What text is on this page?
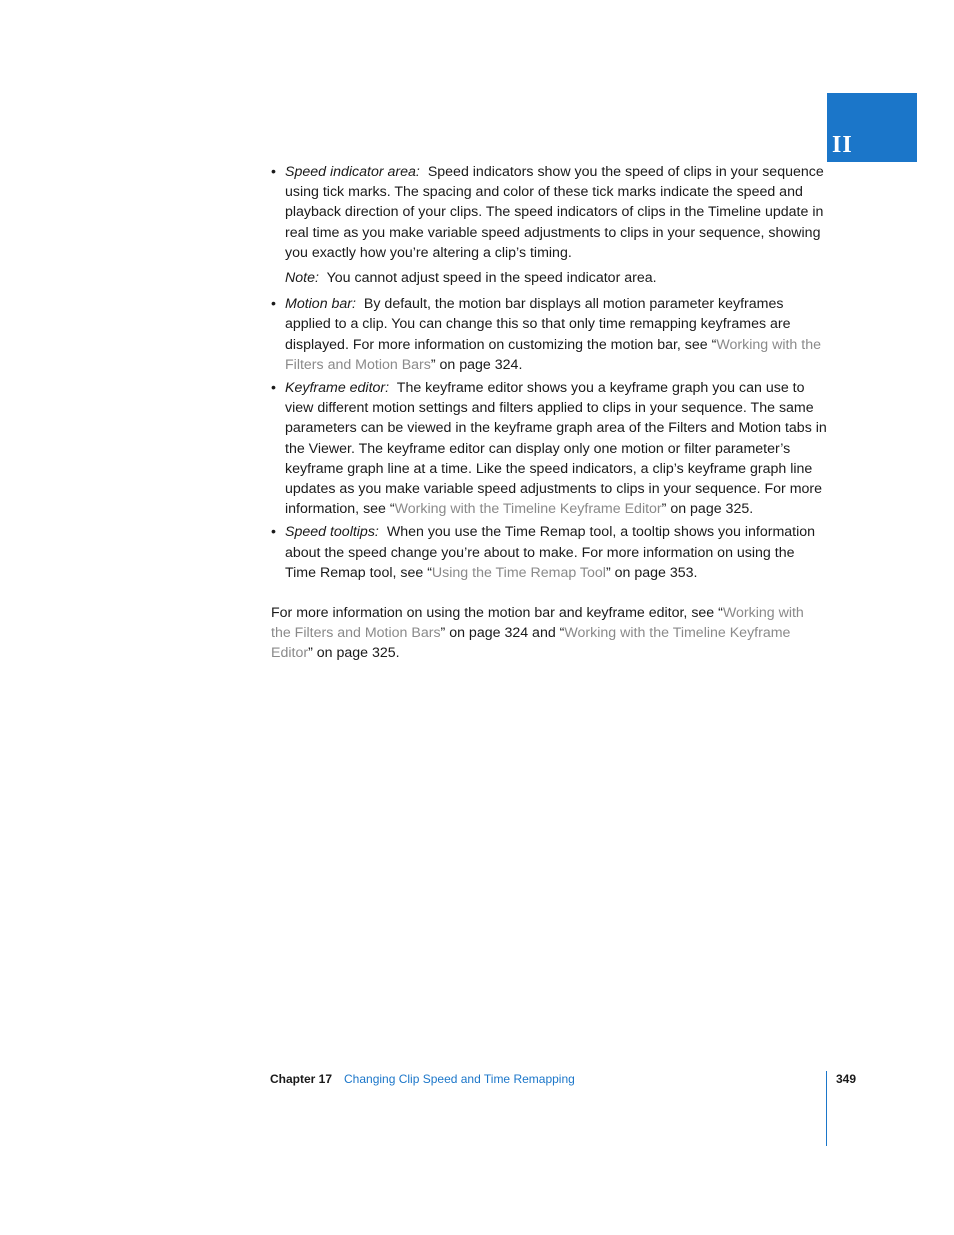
II
• Speed indicator area: Speed indicators show you the speed of clips in your sequence using tick marks. The spacing and color of these tick marks indicate the speed and playback direction of your clips. The speed indicators of clips in the Timeline update in real time as you make variable speed adjustments to clips in your sequence, showing you exactly how you’re altering a clip’s timing.
Note: You cannot adjust speed in the speed indicator area.
• Motion bar: By default, the motion bar displays all motion parameter keyframes applied to a clip. You can change this so that only time remapping keyframes are displayed. For more information on customizing the motion bar, see “Working with the Filters and Motion Bars” on page 324.
• Keyframe editor: The keyframe editor shows you a keyframe graph you can use to view different motion settings and filters applied to clips in your sequence. The same parameters can be viewed in the keyframe graph area of the Filters and Motion tabs in the Viewer. The keyframe editor can display only one motion or filter parameter’s keyframe graph line at a time. Like the speed indicators, a clip’s keyframe graph line updates as you make variable speed adjustments to clips in your sequence. For more information, see “Working with the Timeline Keyframe Editor” on page 325.
• Speed tooltips: When you use the Time Remap tool, a tooltip shows you information about the speed change you’re about to make. For more information on using the Time Remap tool, see “Using the Time Remap Tool” on page 353.
For more information on using the motion bar and keyframe editor, see “Working with the Filters and Motion Bars” on page 324 and “Working with the Timeline Keyframe Editor” on page 325.
Chapter 17 Changing Clip Speed and Time Remapping	349
